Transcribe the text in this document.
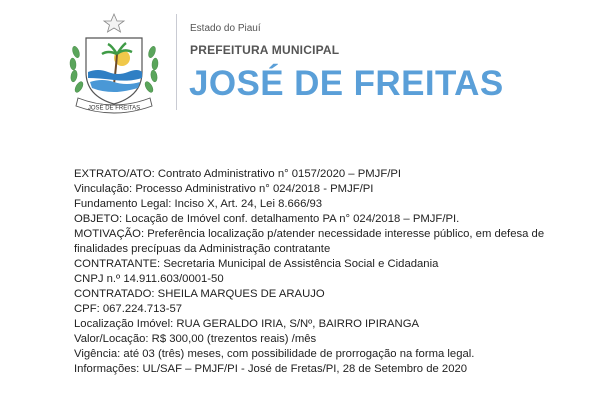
JOSÉ DE FREITAS
Estado do Piauí
PREFEITURA MUNICIPAL
JOSÉ DE FREITAS
EXTRATO/ATO: Contrato Administrativo n° 0157/2020 – PMJF/PI
Vinculação: Processo Administrativo n° 024/2018 - PMJF/PI
Fundamento Legal: Inciso X, Art. 24, Lei 8.666/93
OBJETO: Locação de Imóvel conf. detalhamento PA n° 024/2018 – PMJF/PI.
MOTIVAÇÃO: Preferência localização p/atender necessidade interesse público, em defesa de finalidades precípuas da Administração contratante
CONTRATANTE: Secretaria Municipal de Assistência Social e Cidadania
CNPJ n.º 14.911.603/0001-50
CONTRATADO: SHEILA MARQUES DE ARAUJO
CPF: 067.224.713-57
Localização Imóvel: RUA GERALDO IRIA, S/Nº, BAIRRO IPIRANGA
Valor/Locação: R$ 300,00 (trezentos reais) /mês
Vigência: até 03 (três) meses, com possibilidade de prorrogação na forma legal.
Informações: UL/SAF – PMJF/PI - José de Fretas/PI, 28 de Setembro de 2020
